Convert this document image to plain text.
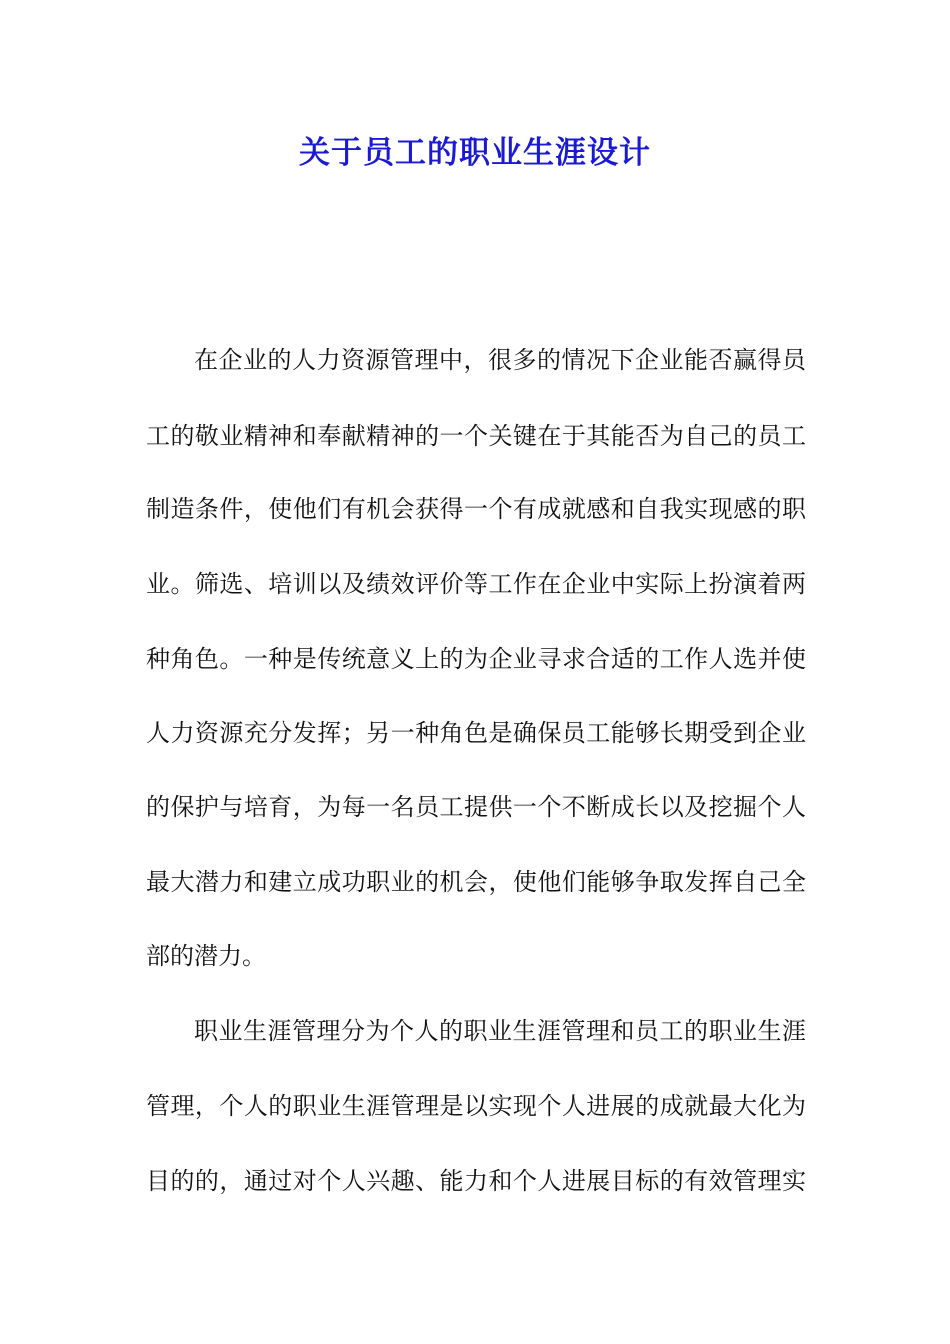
关于员工的职业生涯设计
在企业的人力资源管理中，很多的情况下企业能否赢得员
工的敬业精神和奉献精神的一个关键在于其能否为自己的员工
制造条件，使他们有机会获得一个有成就感和自我实现感的职
业。筛选、培训以及绩效评价等工作在企业中实际上扮演着两
种角色。一种是传统意义上的为企业寻求合适的工作人选并使
人力资源充分发挥；另一种角色是确保员工能够长期受到企业
的保护与培育，为每一名员工提供一个不断成长以及挖掘个人
最大潜力和建立成功职业的机会，使他们能够争取发挥自己全
部的潜力。
职业生涯管理分为个人的职业生涯管理和员工的职业生涯
管理，个人的职业生涯管理是以实现个人进展的成就最大化为
目的的，通过对个人兴趣、能力和个人进展目标的有效管理实
